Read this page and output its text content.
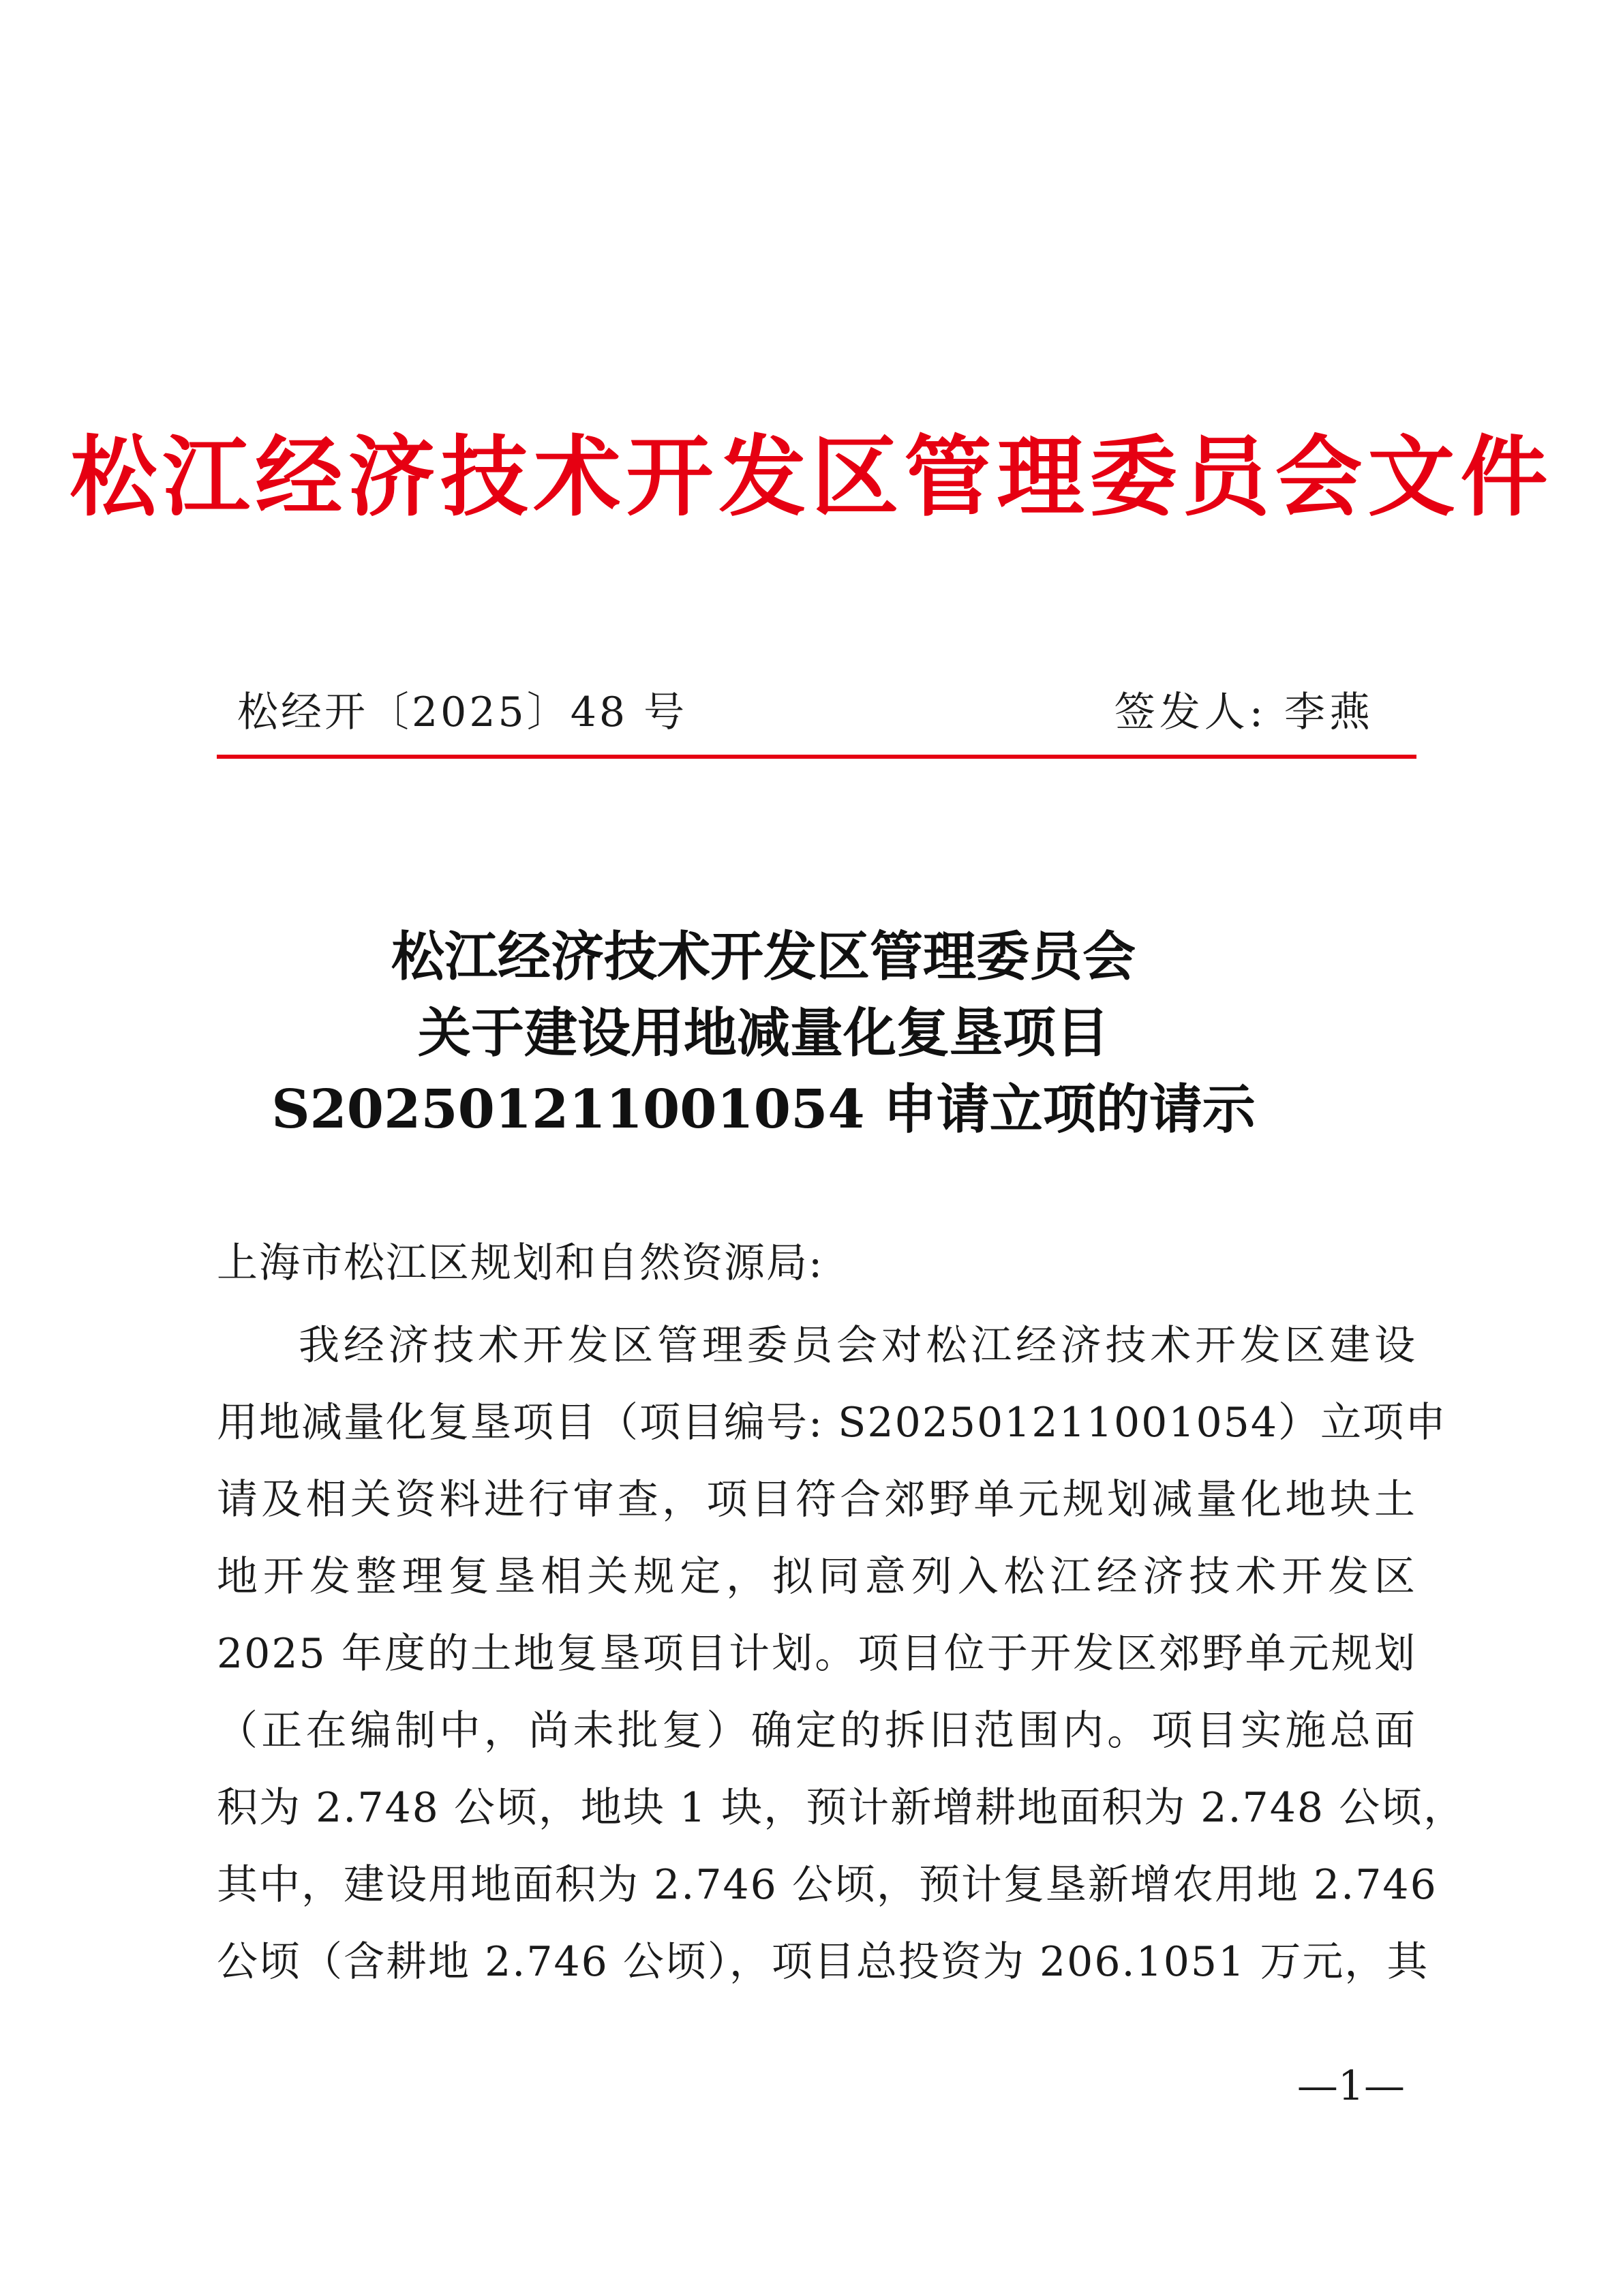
松江经济技术开发区管理委员会文件
松经开〔2025〕48 号	签发人: 李燕
松江经济技术开发区管理委员会
关于建设用地减量化复垦项目
S202501211001054 申请立项的请示
上海市松江区规划和自然资源局:
我经济技术开发区管理委员会对松江经济技术开发区建设
用地减量化复垦项目（项目编号: S202501211001054）立项申
请及相关资料进行审查，项目符合郊野单元规划减量化地块土
地开发整理复垦相关规定，拟同意列入松江经济技术开发区
2025 年度的土地复垦项目计划。项目位于开发区郊野单元规划
（正在编制中，尚未批复）确定的拆旧范围内。项目实施总面
积为 2.748 公顷，地块 1 块，预计新增耕地面积为 2.748 公顷，
其中，建设用地面积为 2.746 公顷，预计复垦新增农用地 2.746
公顷（含耕地 2.746 公顷），项目总投资为 206.1051 万元，其
—1—
